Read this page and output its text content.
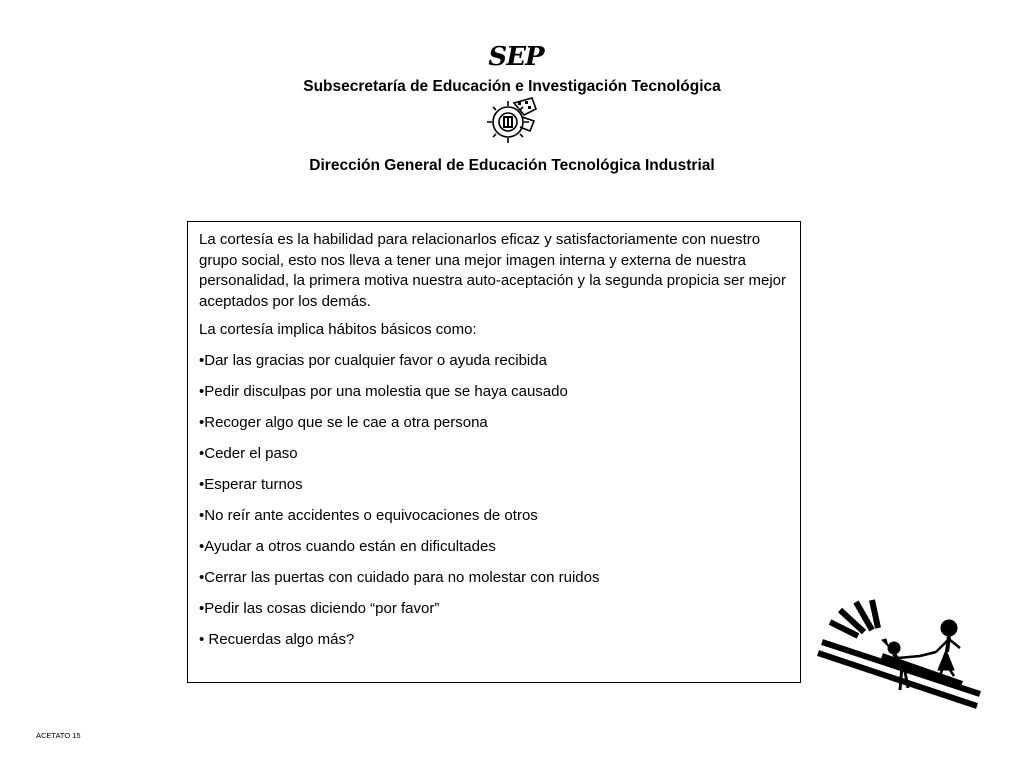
SEP
Subsecretaría de Educación e Investigación Tecnológica
Dirección General de Educación Tecnológica Industrial

La cortesía es la habilidad para relacionarlos eficaz y satisfactoriamente con nuestro grupo social, esto nos lleva a tener una mejor imagen interna y externa de nuestra personalidad, la primera motiva nuestra auto-aceptación y la segunda propicia ser mejor aceptados por los demás.

La cortesía implica hábitos básicos como:

•Dar las gracias por cualquier favor o ayuda recibida
•Pedir disculpas por una molestia que se haya causado
•Recoger algo que se le cae a otra persona
•Ceder el paso
•Esperar turnos
•No reír ante accidentes o equivocaciones de otros
•Ayudar a otros cuando están en dificultades
•Cerrar las puertas con cuidado para no molestar con ruidos
•Pedir las cosas diciendo “por favor”
• Recuerdas algo más?
ACETATO 15
